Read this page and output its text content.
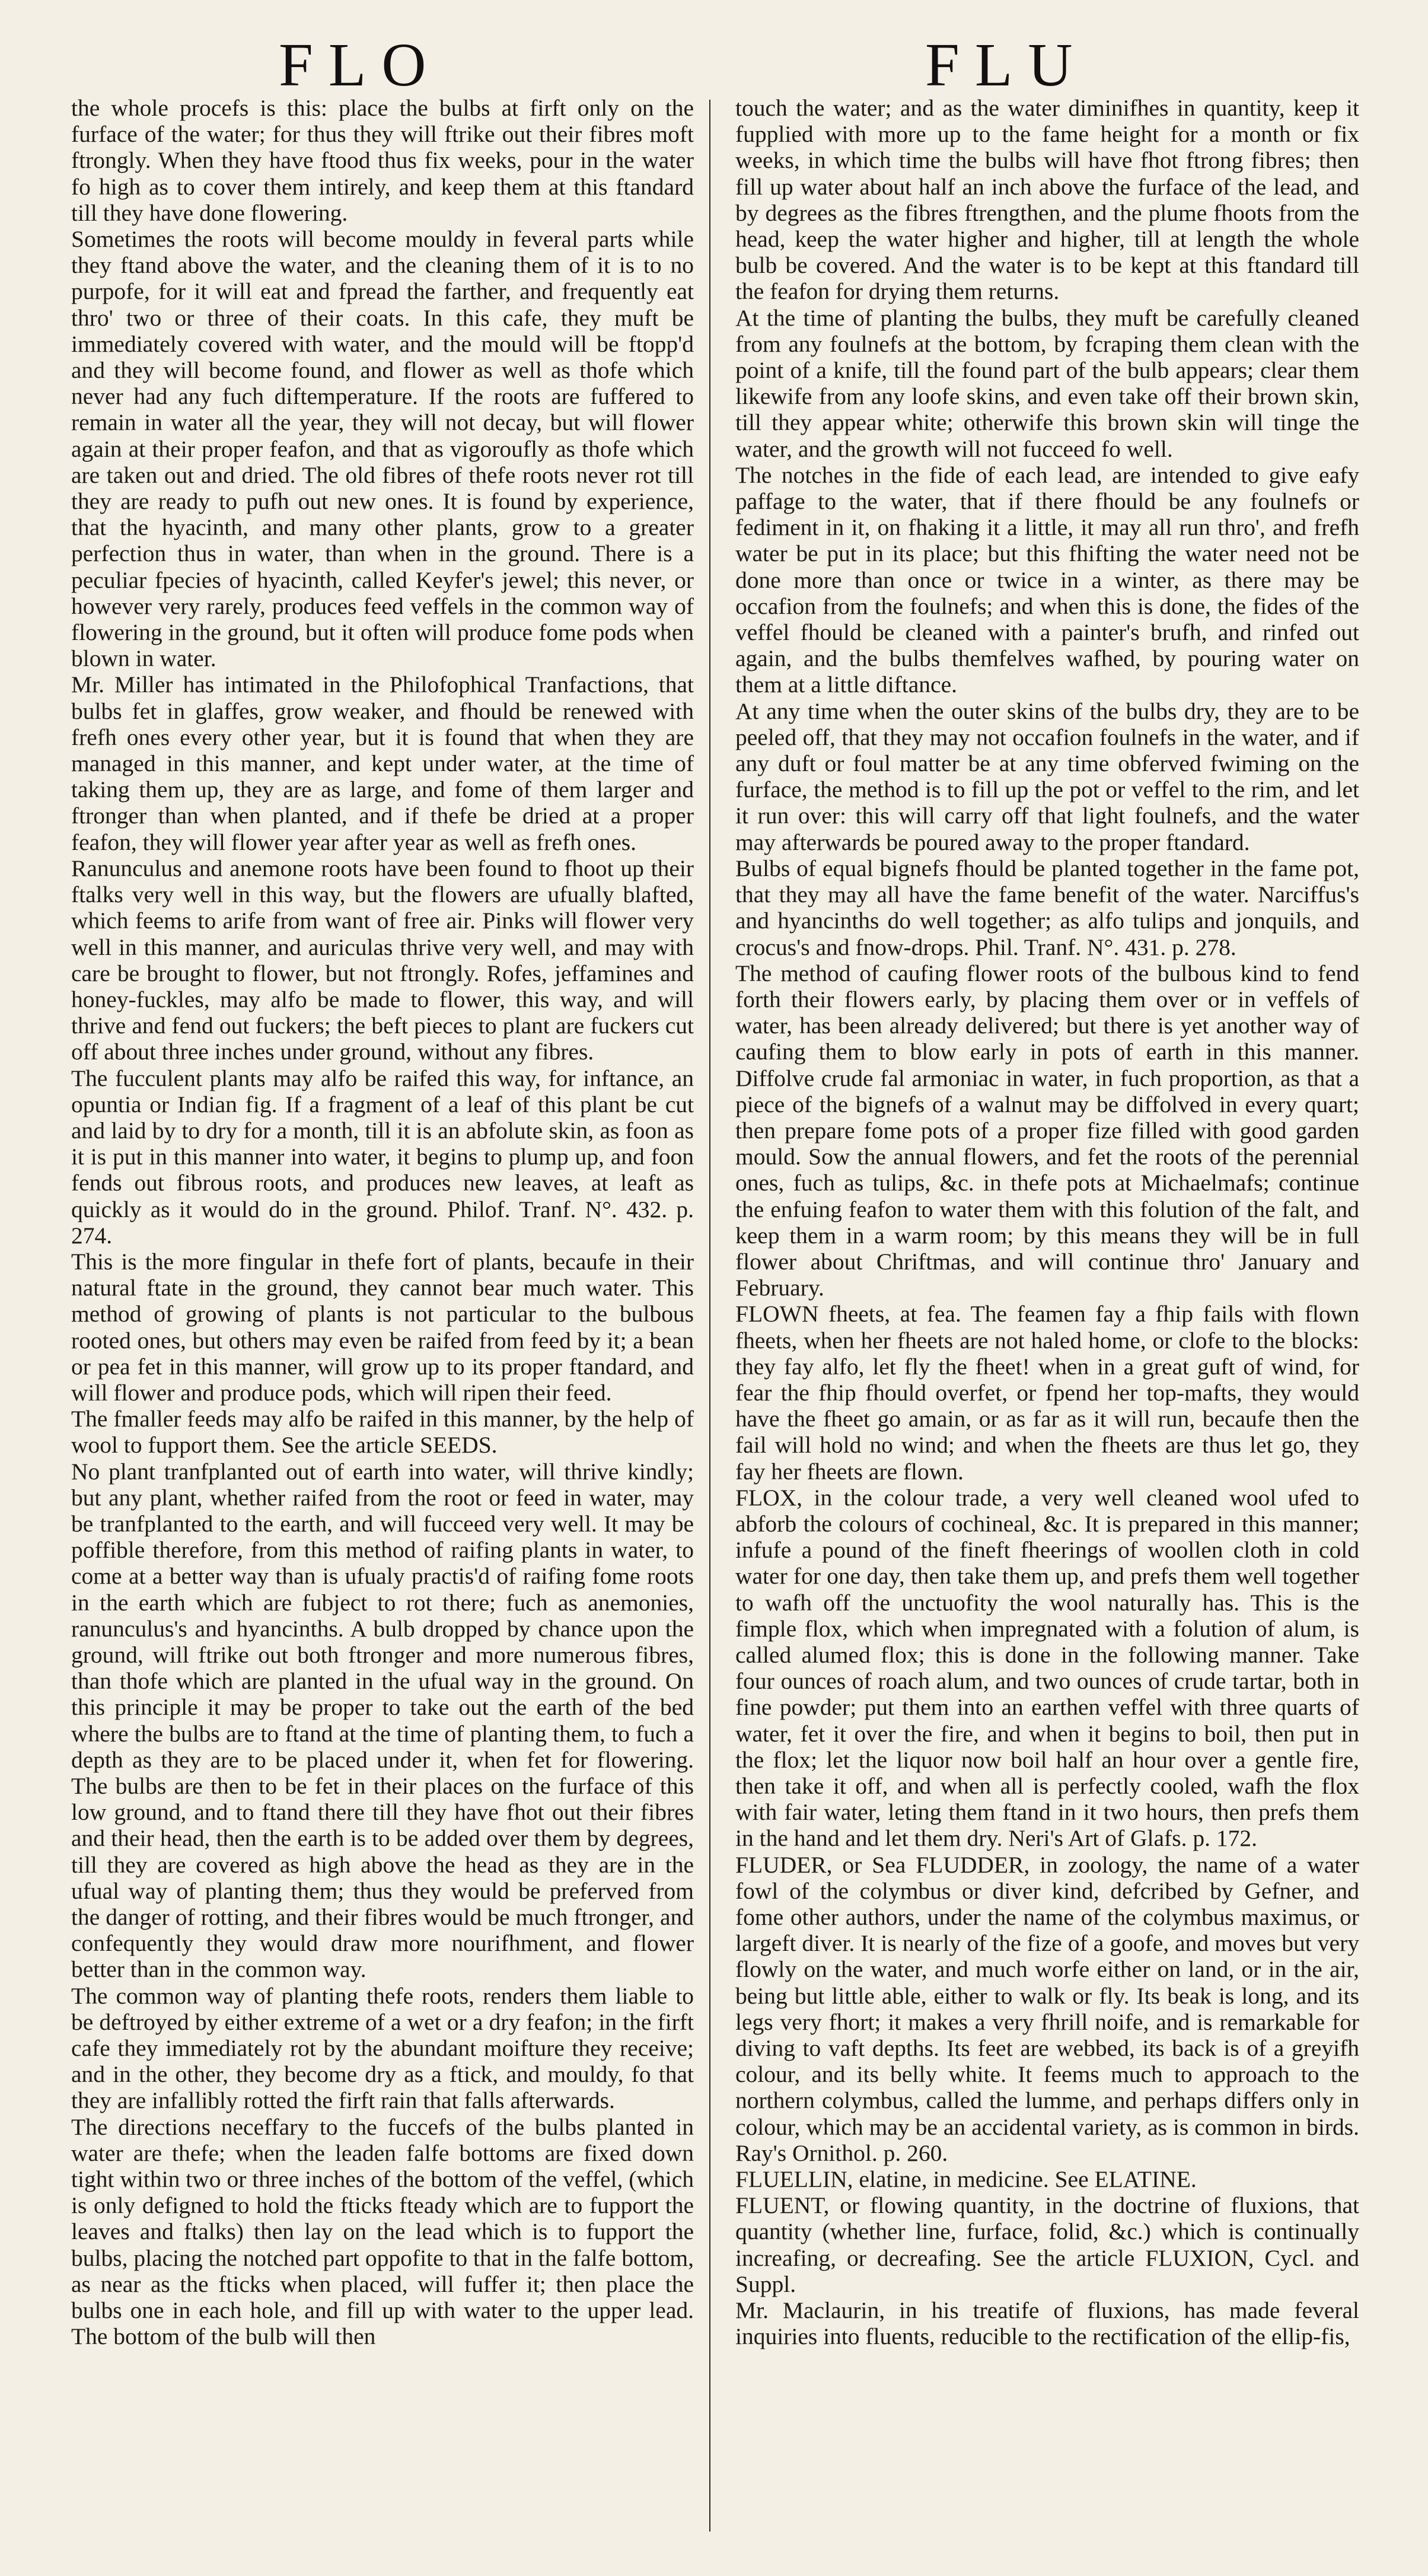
FLO	FLU

the whole procefs is this: place the bulbs at firft only on the furface of the water; for thus they will ftrike out their fibres moft ftrongly. When they have ftood thus fix weeks, pour in the water fo high as to cover them intirely, and keep them at this ftandard till they have done flowering.

Sometimes the roots will become mouldy in feveral parts while they ftand above the water, and the cleaning them of it is to no purpofe, for it will eat and fpread the farther, and frequently eat thro' two or three of their coats. In this cafe, they muft be immediately covered with water, and the mould will be ftopp'd and they will become found, and flower as well as thofe which never had any fuch diftemperature. If the roots are fuffered to remain in water all the year, they will not decay, but will flower again at their proper feafon, and that as vigoroufly as thofe which are taken out and dried. The old fibres of thefe roots never rot till they are ready to pufh out new ones. It is found by experience, that the hyacinth, and many other plants, grow to a greater perfection thus in water, than when in the ground. There is a peculiar fpecies of hyacinth, called Keyfer's jewel; this never, or however very rarely, produces feed veffels in the common way of flowering in the ground, but it often will produce fome pods when blown in water.

Mr. Miller has intimated in the Philofophical Tranfactions, that bulbs fet in glaffes, grow weaker, and fhould be renewed with frefh ones every other year, but it is found that when they are managed in this manner, and kept under water, at the time of taking them up, they are as large, and fome of them larger and ftronger than when planted, and if thefe be dried at a proper feafon, they will flower year after year as well as frefh ones.

Ranunculus and anemone roots have been found to fhoot up their ftalks very well in this way, but the flowers are ufually blafted, which feems to arife from want of free air. Pinks will flower very well in this manner, and auriculas thrive very well, and may with care be brought to flower, but not ftrongly. Rofes, jeffamines and honey-fuckles, may alfo be made to flower, this way, and will thrive and fend out fuckers; the beft pieces to plant are fuckers cut off about three inches under ground, without any fibres.

The fucculent plants may alfo be raifed this way, for inftance, an opuntia or Indian fig. If a fragment of a leaf of this plant be cut and laid by to dry for a month, till it is an abfolute skin, as foon as it is put in this manner into water, it begins to plump up, and foon fends out fibrous roots, and produces new leaves, at leaft as quickly as it would do in the ground. Philof. Tranf. N°. 432. p. 274.

This is the more fingular in thefe fort of plants, becaufe in their natural ftate in the ground, they cannot bear much water. This method of growing of plants is not particular to the bulbous rooted ones, but others may even be raifed from feed by it; a bean or pea fet in this manner, will grow up to its proper ftandard, and will flower and produce pods, which will ripen their feed.

The fmaller feeds may alfo be raifed in this manner, by the help of wool to fupport them. See the article SEEDS.

No plant tranfplanted out of earth into water, will thrive kindly; but any plant, whether raifed from the root or feed in water, may be tranfplanted to the earth, and will fucceed very well. It may be poffible therefore, from this method of raifing plants in water, to come at a better way than is ufualy practis'd of raifing fome roots in the earth which are fubject to rot there; fuch as anemonies, ranunculus's and hyancinths. A bulb dropped by chance upon the ground, will ftrike out both ftronger and more numerous fibres, than thofe which are planted in the ufual way in the ground. On this principle it may be proper to take out the earth of the bed where the bulbs are to ftand at the time of planting them, to fuch a depth as they are to be placed under it, when fet for flowering. The bulbs are then to be fet in their places on the furface of this low ground, and to ftand there till they have fhot out their fibres and their head, then the earth is to be added over them by degrees, till they are covered as high above the head as they are in the ufual way of planting them; thus they would be preferved from the danger of rotting, and their fibres would be much ftronger, and confequently they would draw more nourifhment, and flower better than in the common way.

The common way of planting thefe roots, renders them liable to be deftroyed by either extreme of a wet or a dry feafon; in the firft cafe they immediately rot by the abundant moifture they receive; and in the other, they become dry as a ftick, and mouldy, fo that they are infallibly rotted the firft rain that falls afterwards.

The directions neceffary to the fuccefs of the bulbs planted in water are thefe; when the leaden falfe bottoms are fixed down tight within two or three inches of the bottom of the veffel, (which is only defigned to hold the fticks fteady which are to fupport the leaves and ftalks) then lay on the lead which is to fupport the bulbs, placing the notched part oppofite to that in the falfe bottom, as near as the fticks when placed, will fuffer it; then place the bulbs one in each hole, and fill up with water to the upper lead. The bottom of the bulb will then

touch the water; and as the water diminifhes in quantity, keep it fupplied with more up to the fame height for a month or fix weeks, in which time the bulbs will have fhot ftrong fibres; then fill up water about half an inch above the furface of the lead, and by degrees as the fibres ftrengthen, and the plume fhoots from the head, keep the water higher and higher, till at length the whole bulb be covered. And the water is to be kept at this ftandard till the feafon for drying them returns.

At the time of planting the bulbs, they muft be carefully cleaned from any foulnefs at the bottom, by fcraping them clean with the point of a knife, till the found part of the bulb appears; clear them likewife from any loofe skins, and even take off their brown skin, till they appear white; otherwife this brown skin will tinge the water, and the growth will not fucceed fo well.

The notches in the fide of each lead, are intended to give eafy paffage to the water, that if there fhould be any foulnefs or fediment in it, on fhaking it a little, it may all run thro', and frefh water be put in its place; but this fhifting the water need not be done more than once or twice in a winter, as there may be occafion from the foulnefs; and when this is done, the fides of the veffel fhould be cleaned with a painter's brufh, and rinfed out again, and the bulbs themfelves wafhed, by pouring water on them at a little diftance.

At any time when the outer skins of the bulbs dry, they are to be peeled off, that they may not occafion foulnefs in the water, and if any duft or foul matter be at any time obferved fwiming on the furface, the method is to fill up the pot or veffel to the rim, and let it run over: this will carry off that light foulnefs, and the water may afterwards be poured away to the proper ftandard.

Bulbs of equal bignefs fhould be planted together in the fame pot, that they may all have the fame benefit of the water. Narciffus's and hyancinths do well together; as alfo tulips and jonquils, and crocus's and fnow-drops. Phil. Tranf. N°. 431. p. 278.

The method of caufing flower roots of the bulbous kind to fend forth their flowers early, by placing them over or in veffels of water, has been already delivered; but there is yet another way of caufing them to blow early in pots of earth in this manner. Diffolve crude fal armoniac in water, in fuch proportion, as that a piece of the bignefs of a walnut may be diffolved in every quart; then prepare fome pots of a proper fize filled with good garden mould. Sow the annual flowers, and fet the roots of the perennial ones, fuch as tulips, &c. in thefe pots at Michaelmafs; continue the enfuing feafon to water them with this folution of the falt, and keep them in a warm room; by this means they will be in full flower about Chriftmas, and will continue thro' January and February.

FLOWN fheets, at fea. The feamen fay a fhip fails with flown fheets, when her fheets are not haled home, or clofe to the blocks: they fay alfo, let fly the fheet! when in a great guft of wind, for fear the fhip fhould overfet, or fpend her top-mafts, they would have the fheet go amain, or as far as it will run, becaufe then the fail will hold no wind; and when the fheets are thus let go, they fay her fheets are flown.

FLOX, in the colour trade, a very well cleaned wool ufed to abforb the colours of cochineal, &c. It is prepared in this manner; infufe a pound of the fineft fheerings of woollen cloth in cold water for one day, then take them up, and prefs them well together to wafh off the unctuofity the wool naturally has. This is the fimple flox, which when impregnated with a folution of alum, is called alumed flox; this is done in the following manner. Take four ounces of roach alum, and two ounces of crude tartar, both in fine powder; put them into an earthen veffel with three quarts of water, fet it over the fire, and when it begins to boil, then put in the flox; let the liquor now boil half an hour over a gentle fire, then take it off, and when all is perfectly cooled, wafh the flox with fair water, leting them ftand in it two hours, then prefs them in the hand and let them dry. Neri's Art of Glafs. p. 172.

FLUDER, or Sea FLUDDER, in zoology, the name of a water fowl of the colymbus or diver kind, defcribed by Gefner, and fome other authors, under the name of the colymbus maximus, or largeft diver. It is nearly of the fize of a goofe, and moves but very flowly on the water, and much worfe either on land, or in the air, being but little able, either to walk or fly. Its beak is long, and its legs very fhort; it makes a very fhrill noife, and is remarkable for diving to vaft depths. Its feet are webbed, its back is of a greyifh colour, and its belly white. It feems much to approach to the northern colymbus, called the lumme, and perhaps differs only in colour, which may be an accidental variety, as is common in birds. Ray's Ornithol. p. 260.

FLUELLIN, elatine, in medicine. See ELATINE.

FLUENT, or flowing quantity, in the doctrine of fluxions, that quantity (whether line, furface, folid, &c.) which is continually increafing, or decreafing. See the article FLUXION, Cycl. and Suppl.

Mr. Maclaurin, in his treatife of fluxions, has made feveral inquiries into fluents, reducible to the rectification of the ellip-fis,
